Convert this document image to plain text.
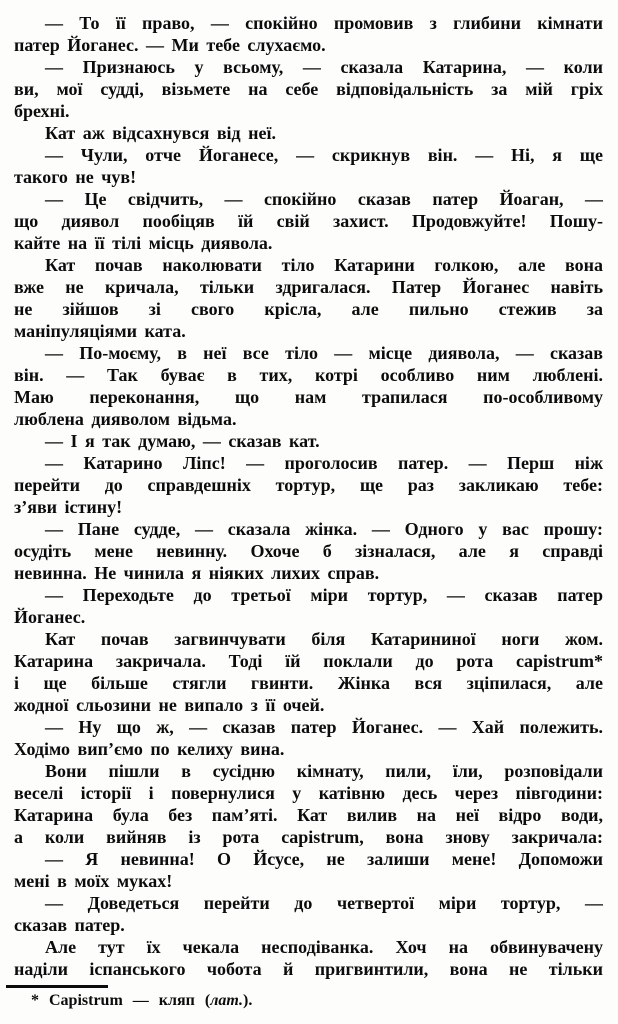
— То її право, — спокійно промовив з глибини кімнати
патер Йоганес. — Ми тебе слухаємо.

— Признаюсь у всьому, — сказала Катарина, — коли
ви, мої судді, візьмете на себе відповідальність за мій гріх
брехні.

Кат аж відсахнувся від неї.

— Чули, отче Йоганесе, — скрикнув він. — Ні, я ще
такого не чув!

— Це свідчить, — спокійно сказав патер Йоаган, —
що диявол пообіцяв їй свій захист. Продовжуйте! Пошу-
кайте на її тілі місць диявола.

Кат почав наколювати тіло Катарини голкою, але вона
вже не кричала, тільки здригалася. Патер Йоганес навіть
не зійшов зі свого крісла, але пильно стежив за
маніпуляціями ката.

— По-моєму, в неї все тіло — місце диявола, — сказав
він. — Так буває в тих, котрі особливо ним люблені.
Маю переконання, що нам трапилася по-особливому
люблена дияволом відьма.

— І я так думаю, — сказав кат.

— Катарино Ліпс! — проголосив патер. — Перш ніж
перейти до справдешніх тортур, ще раз закликаю тебе:
з’яви істину!

— Пане судде, — сказала жінка. — Одного у вас прошу:
осудіть мене невинну. Охоче б зізналася, але я справді
невинна. Не чинила я ніяких лихих справ.

— Переходьте до третьої міри тортур, — сказав патер
Йоганес.

Кат почав загвинчувати біля Катарининої ноги жом.
Катарина закричала. Тоді їй поклали до рота capistrum*
і ще більше стягли гвинти. Жінка вся зціпилася, але
жодної сльозини не випало з її очей.

— Ну що ж, — сказав патер Йоганес. — Хай полежить.
Ходімо вип’ємо по келиху вина.

Вони пішли в сусідню кімнату, пили, їли, розповідали
веселі історії і повернулися у катівню десь через півгодини:
Катарина була без пам’яті. Кат вилив на неї відро води,
а коли вийняв із рота capistrum, вона знову закричала:

— Я невинна! О Йсусе, не залиши мене! Допоможи
мені в моїх муках!

— Доведеться перейти до четвертої міри тортур, —
сказав патер.

Але тут їх чекала несподіванка. Хоч на обвинувачену
наділи іспанського чобота й пригвинтили, вона не тільки

* Capistrum — кляп (лат.).
